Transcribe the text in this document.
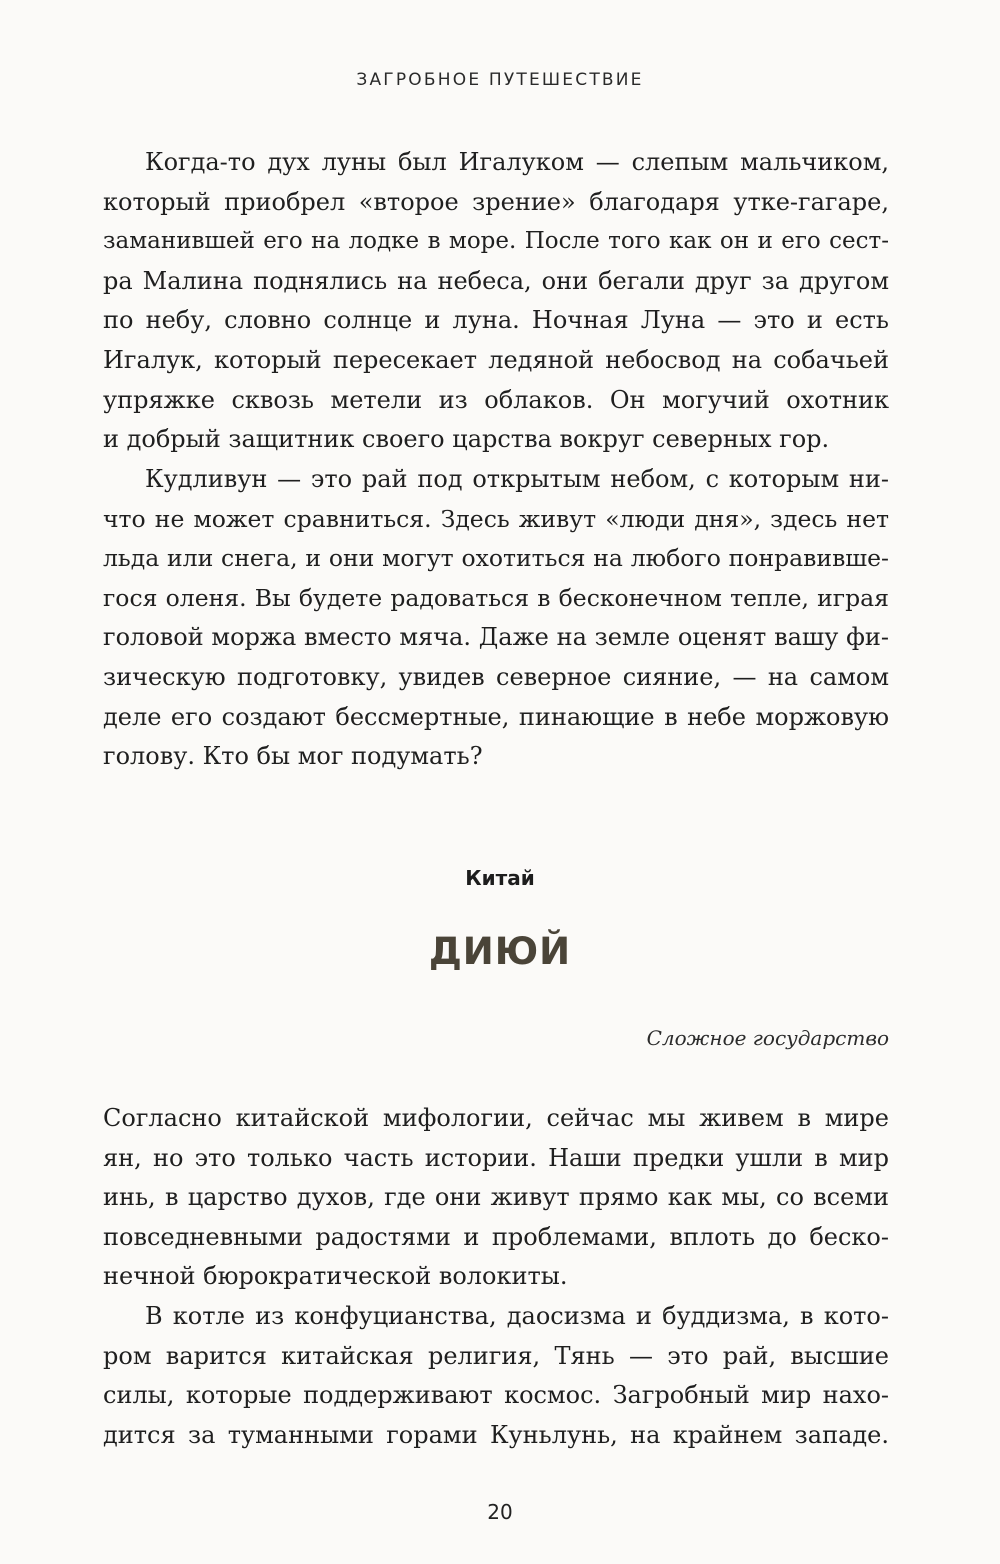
ЗАГРОБНОЕ ПУТЕШЕСТВИЕ
Когда-то дух луны был Игалуком — слепым мальчиком,
который приобрел «второе зрение» благодаря утке-гагаре,
заманившей его на лодке в море. После того как он и его сест-
ра Малина поднялись на небеса, они бегали друг за другом
по небу, словно солнце и луна. Ночная Луна — это и есть
Игалук, который пересекает ледяной небосвод на собачьей
упряжке сквозь метели из облаков. Он могучий охотник
и добрый защитник своего царства вокруг северных гор.
Кудливун — это рай под открытым небом, с которым ни-
что не может сравниться. Здесь живут «люди дня», здесь нет
льда или снега, и они могут охотиться на любого понравивше-
гося оленя. Вы будете радоваться в бесконечном тепле, играя
головой моржа вместо мяча. Даже на земле оценят вашу фи-
зическую подготовку, увидев северное сияние, — на самом
деле его создают бессмертные, пинающие в небе моржовую
голову. Кто бы мог подумать?
Китай
ДИЮЙ
Сложное государство
Согласно китайской мифологии, сейчас мы живем в мире
ян, но это только часть истории. Наши предки ушли в мир
инь, в царство духов, где они живут прямо как мы, со всеми
повседневными радостями и проблемами, вплоть до беско-
нечной бюрократической волокиты.
В котле из конфуцианства, даосизма и буддизма, в кото-
ром варится китайская религия, Тянь — это рай, высшие
силы, которые поддерживают космос. Загробный мир нахо-
дится за туманными горами Куньлунь, на крайнем западе.
20
